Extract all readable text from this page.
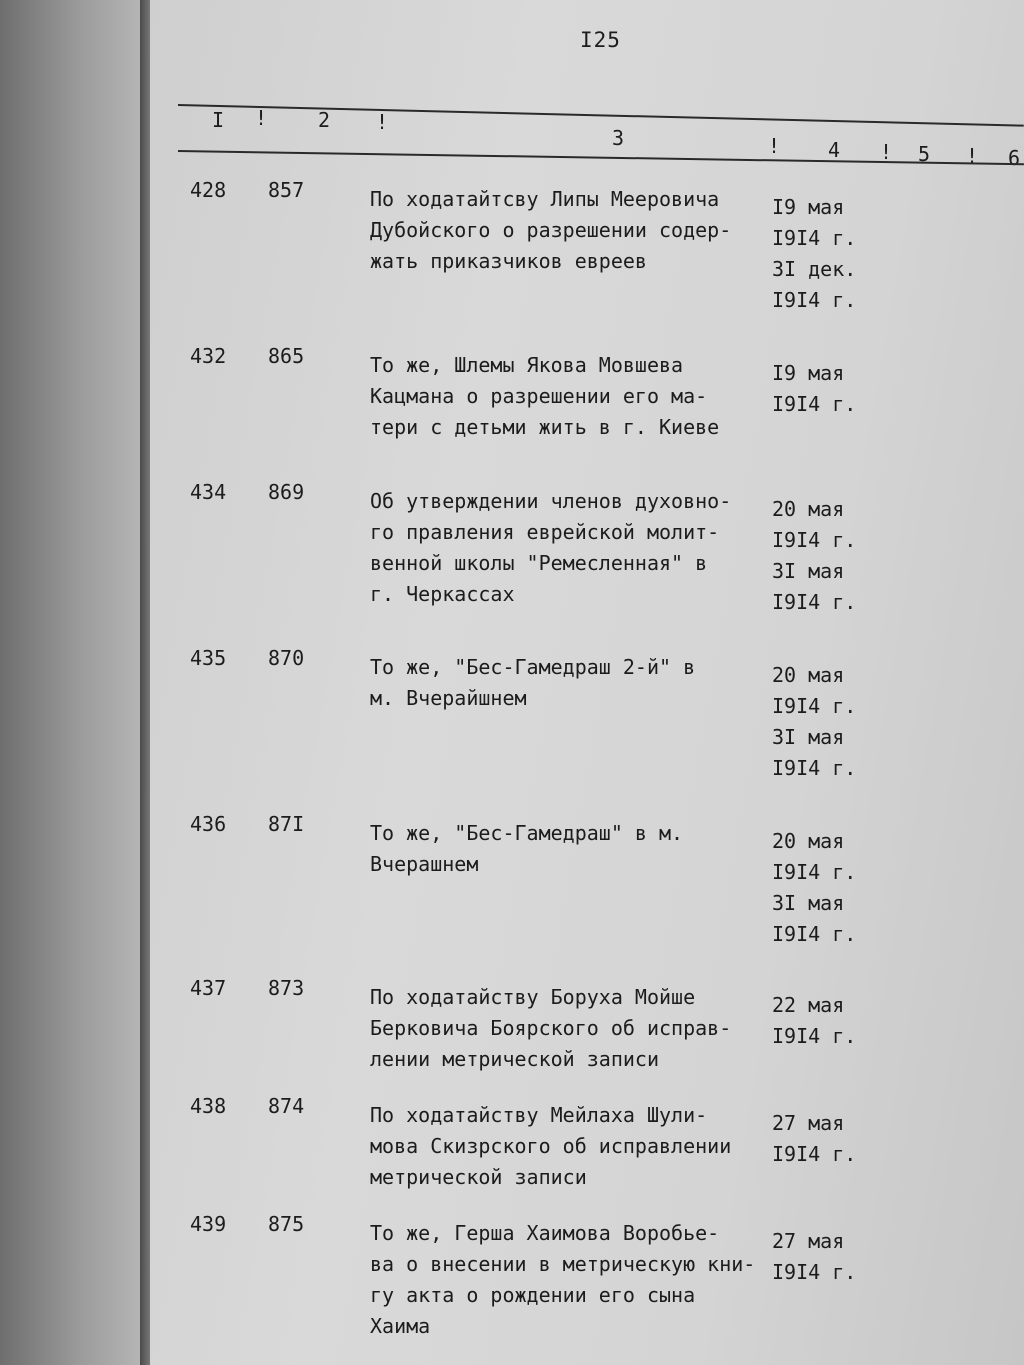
I25
I !	2 !
3	! 4 ! 5 ! 6
428 857	По ходатайтсву Липы Мееровича
Дубойского о разрешении содер-
жать приказчиков евреев
I9 мая
I9I4 г.
3I дек.
I9I4 г.
432 865	То же, Шлемы Якова Мовшева
Кацмана о разрешении его ма-
тери с детьми жить в г. Киеве
I9 мая
I9I4 г.
434 869	Об утверждении членов духовно-
го правления еврейской молит-
венной школы "Ремесленная" в
г. Черкассах
20 мая
I9I4 г.
3I мая
I9I4 г.
435 870	То же, "Бес-Гамедраш 2-й" в
м. Вчерайшнем
20 мая
I9I4 г.
3I мая
I9I4 г.
436 87I	То же, "Бес-Гамедраш" в м.
Вчерашнем
20 мая
I9I4 г.
3I мая
I9I4 г.
437 873	По ходатайству Боруха Мойше
Берковича Боярского об исправ-
лении метрической записи
22 мая
I9I4 г.
438 874	По ходатайству Мейлаха Шули-
мова Скизрского об исправлении
метрической записи
27 мая
I9I4 г.
439 875	То же, Герша Хаимова Воробье-
ва о внесении в метрическую кни-
гу акта о рождении его сына
Хаима
27 мая
I9I4 г.
